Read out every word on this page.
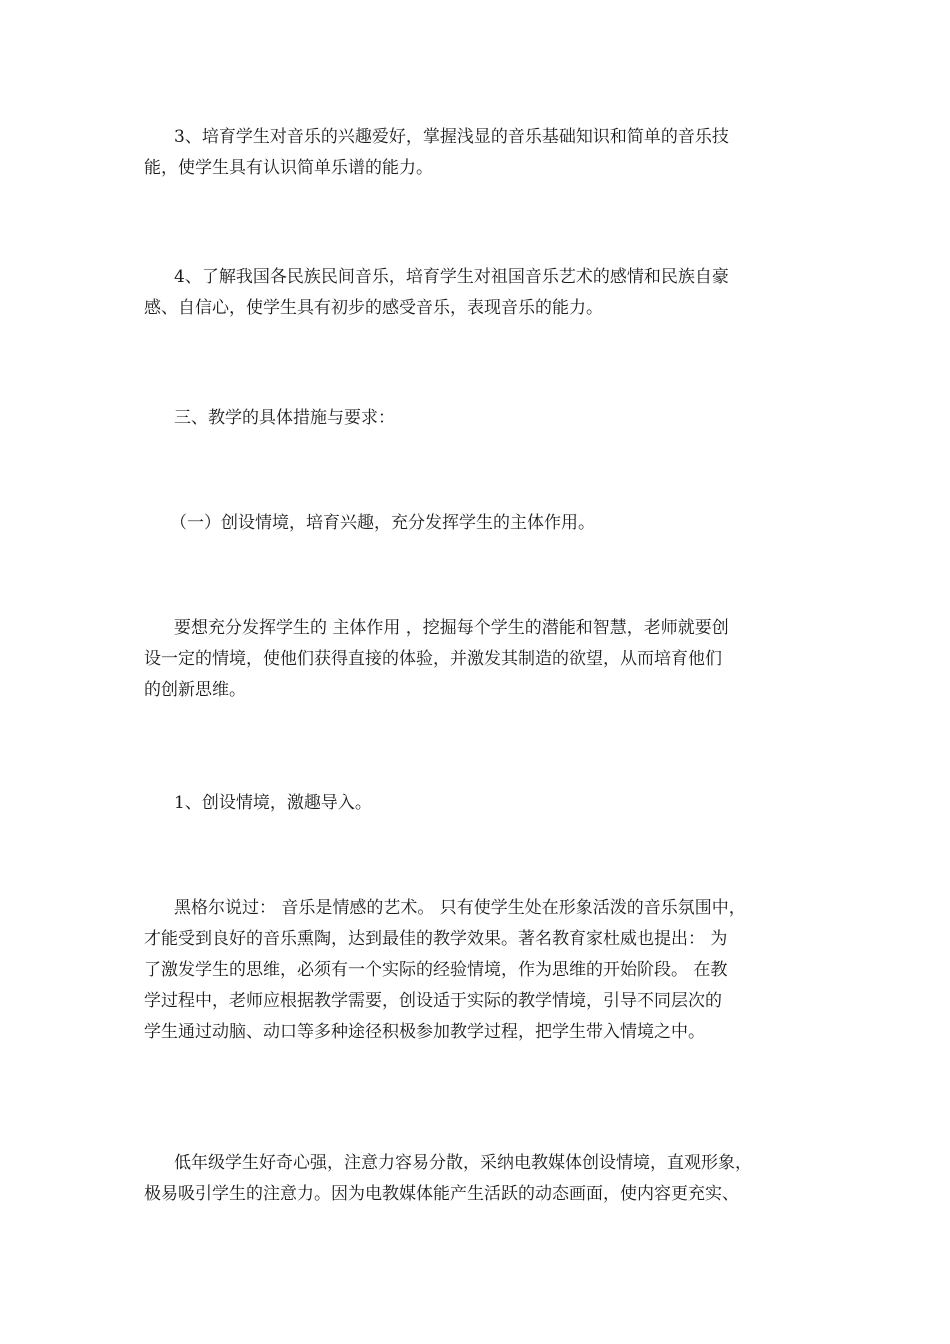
3、培育学生对音乐的兴趣爱好，掌握浅显的音乐基础知识和简单的音乐技
能，使学生具有认识简单乐谱的能力。
4、了解我国各民族民间音乐，培育学生对祖国音乐艺术的感情和民族自豪
感、自信心，使学生具有初步的感受音乐，表现音乐的能力。
三、教学的具体措施与要求：
（一）创设情境，培育兴趣，充分发挥学生的主体作用。
要想充分发挥学生的 主体作用 ，挖掘每个学生的潜能和智慧，老师就要创
设一定的情境，使他们获得直接的体验，并激发其制造的欲望，从而培育他们
的创新思维。
1、创设情境，激趣导入。
黑格尔说过： 音乐是情感的艺术。 只有使学生处在形象活泼的音乐氛围中，
才能受到良好的音乐熏陶，达到最佳的教学效果。著名教育家杜威也提出： 为
了激发学生的思维，必须有一个实际的经验情境，作为思维的开始阶段。 在教
学过程中，老师应根据教学需要，创设适于实际的教学情境，引导不同层次的
学生通过动脑、动口等多种途径积极参加教学过程，把学生带入情境之中。
低年级学生好奇心强，注意力容易分散，采纳电教媒体创设情境，直观形象，
极易吸引学生的注意力。因为电教媒体能产生活跃的动态画面，使内容更充实、
